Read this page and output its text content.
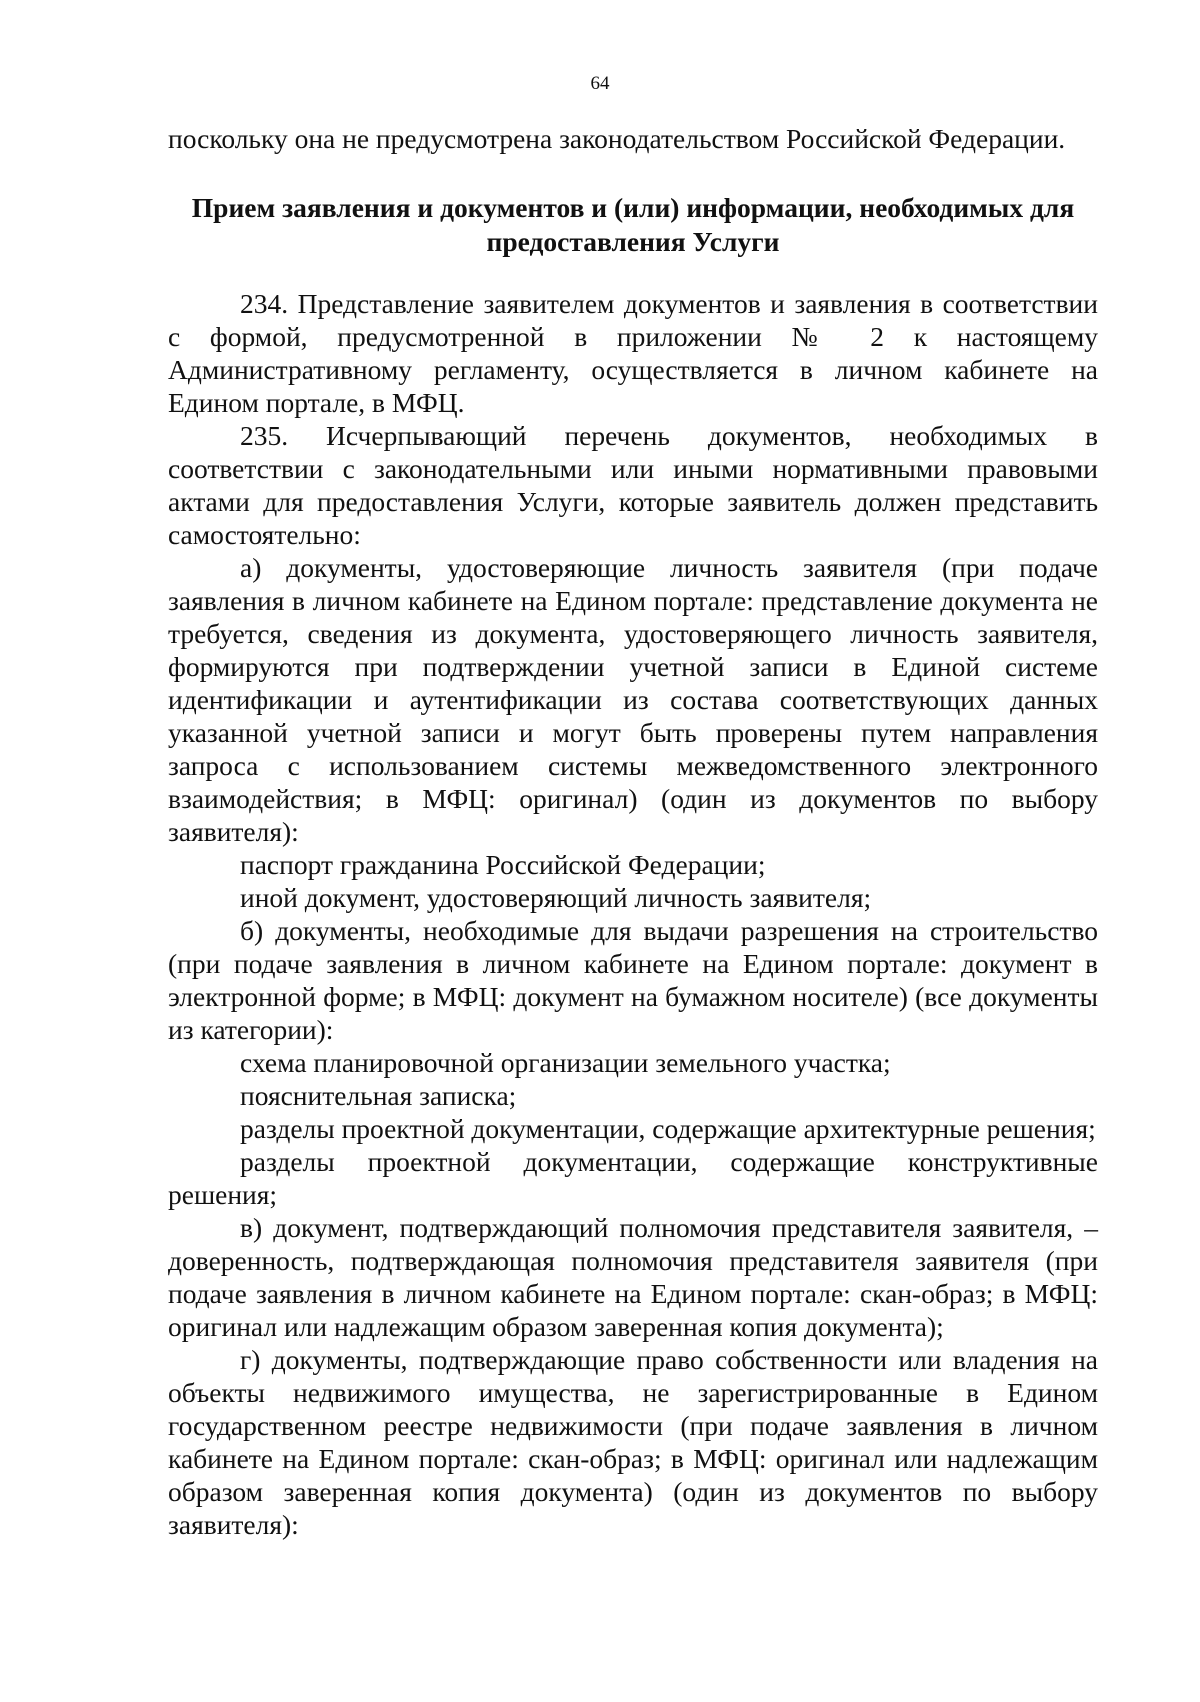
64

поскольку она не предусмотрена законодательством Российской Федерации.

Прием заявления и документов и (или) информации, необходимых для предоставления Услуги

234. Представление заявителем документов и заявления в соответствии с формой, предусмотренной в приложении № 2 к настоящему Административному регламенту, осуществляется в личном кабинете на Едином портале, в МФЦ.

235. Исчерпывающий перечень документов, необходимых в соответствии с законодательными или иными нормативными правовыми актами для предоставления Услуги, которые заявитель должен представить самостоятельно:

а) документы, удостоверяющие личность заявителя (при подаче заявления в личном кабинете на Едином портале: представление документа не требуется, сведения из документа, удостоверяющего личность заявителя, формируются при подтверждении учетной записи в Единой системе идентификации и аутентификации из состава соответствующих данных указанной учетной записи и могут быть проверены путем направления запроса с использованием системы межведомственного электронного взаимодействия; в МФЦ: оригинал) (один из документов по выбору заявителя):

паспорт гражданина Российской Федерации;

иной документ, удостоверяющий личность заявителя;

б) документы, необходимые для выдачи разрешения на строительство (при подаче заявления в личном кабинете на Едином портале: документ в электронной форме; в МФЦ: документ на бумажном носителе) (все документы из категории):

схема планировочной организации земельного участка;

пояснительная записка;

разделы проектной документации, содержащие архитектурные решения;

разделы проектной документации, содержащие конструктивные решения;

в) документ, подтверждающий полномочия представителя заявителя, – доверенность, подтверждающая полномочия представителя заявителя (при подаче заявления в личном кабинете на Едином портале: скан-образ; в МФЦ: оригинал или надлежащим образом заверенная копия документа);

г) документы, подтверждающие право собственности или владения на объекты недвижимого имущества, не зарегистрированные в Едином государственном реестре недвижимости (при подаче заявления в личном кабинете на Едином портале: скан-образ; в МФЦ: оригинал или надлежащим образом заверенная копия документа) (один из документов по выбору заявителя):
